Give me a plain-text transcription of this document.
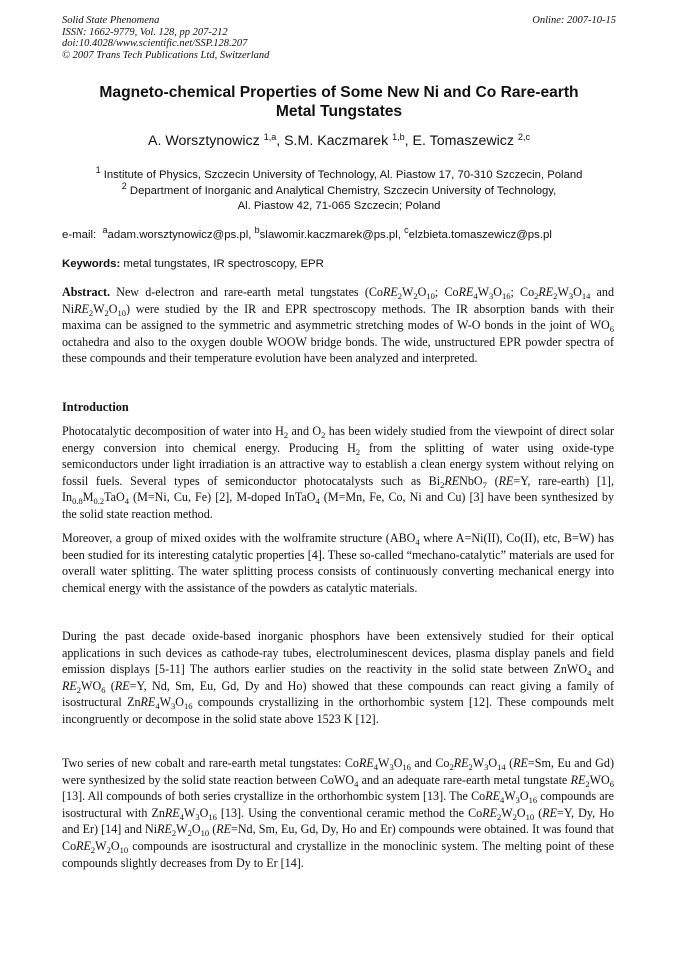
Solid State Phenomena
ISSN: 1662-9779, Vol. 128, pp 207-212
doi:10.4028/www.scientific.net/SSP.128.207
© 2007 Trans Tech Publications Ltd, Switzerland
Online: 2007-10-15
Magneto-chemical Properties of Some New Ni and Co Rare-earth
Metal Tungstates
A. Worsztynowicz $^{1,a}$, S.M. Kaczmarek $^{1,b}$, E. Tomaszewicz $^{2,c}$
$^1$ Institute of Physics, Szczecin University of Technology, Al. Piastow 17, 70-310 Szczecin, Poland
$^2$ Department of Inorganic and Analytical Chemistry, Szczecin University of Technology,
Al. Piastow 42, 71-065 Szczecin; Poland
e-mail: $^a$adam.worsztynowicz@ps.pl, $^b$slawomir.kaczmarek@ps.pl, $^c$elzbieta.tomaszewicz@ps.pl
Keywords: metal tungstates, IR spectroscopy, EPR
Abstract. New d-electron and rare-earth metal tungstates ($CoRE_2W_2O_{10}$; $CoRE_4W_3O_{16}$; $Co_2RE_2W_3O_{14}$ and $NiRE_2W_2O_{10}$) were studied by the IR and EPR spectroscopy methods. The IR absorption bands with their maxima can be assigned to the symmetric and asymmetric stretching modes of W-O bonds in the joint of $WO_6$ octahedra and also to the oxygen double WOOW bridge bonds. The wide, unstructured EPR powder spectra of these compounds and their temperature evolution have been analyzed and interpreted.
Introduction
Photocatalytic decomposition of water into $H_2$ and $O_2$ has been widely studied from the viewpoint of direct solar energy conversion into chemical energy. Producing $H_2$ from the splitting of water using oxide-type semiconductors under light irradiation is an attractive way to establish a clean energy system without relying on fossil fuels. Several types of semiconductor photocatalysts such as $Bi_2RENbO_7$ (RE=Y, rare-earth) [1], $In_{0.8}M_{0.2}TaO_4$ (M=Ni, Cu, Fe) [2], M-doped InTaO$_4$ (M=Mn, Fe, Co, Ni and Cu) [3] have been synthesized by the solid state reaction method.
Moreover, a group of mixed oxides with the wolframite structure ($ABO_4$ where A=Ni(II), Co(II), etc, B=W) has been studied for its interesting catalytic properties [4]. These so-called “mechano-catalytic” materials are used for overall water splitting. The water splitting process consists of continuously converting mechanical energy into chemical energy with the assistance of the powders as catalytic materials.
During the past decade oxide-based inorganic phosphors have been extensively studied for their optical applications in such devices as cathode-ray tubes, electroluminescent devices, plasma display panels and field emission displays [5-11] The authors earlier studies on the reactivity in the solid state between ZnWO$_4$ and $RE_2WO_6$ (RE=Y, Nd, Sm, Eu, Gd, Dy and Ho) showed that these compounds can react giving a family of isostructural $ZnRE_4W_3O_{16}$ compounds crystallizing in the orthorhombic system [12]. These compounds melt incongruently or decompose in the solid state above 1523 K [12].
Two series of new cobalt and rare-earth metal tungstates: $CoRE_4W_3O_{16}$ and $Co_2RE_2W_3O_{14}$ (RE=Sm, Eu and Gd) were synthesized by the solid state reaction between CoWO$_4$ and an adequate rare-earth metal tungstate $RE_2WO_6$ [13]. All compounds of both series crystallize in the orthorhombic system [13]. The $CoRE_4W_3O_{16}$ compounds are isostructural with $ZnRE_4W_3O_{16}$ [13]. Using the conventional ceramic method the $CoRE_2W_2O_{10}$ (RE=Y, Dy, Ho and Er) [14] and $NiRE_2W_2O_{10}$ (RE=Nd, Sm, Eu, Gd, Dy, Ho and Er) compounds were obtained. It was found that $CoRE_2W_2O_{10}$ compounds are isostructural and crystallize in the monoclinic system. The melting point of these compounds slightly decreases from Dy to Er [14].
